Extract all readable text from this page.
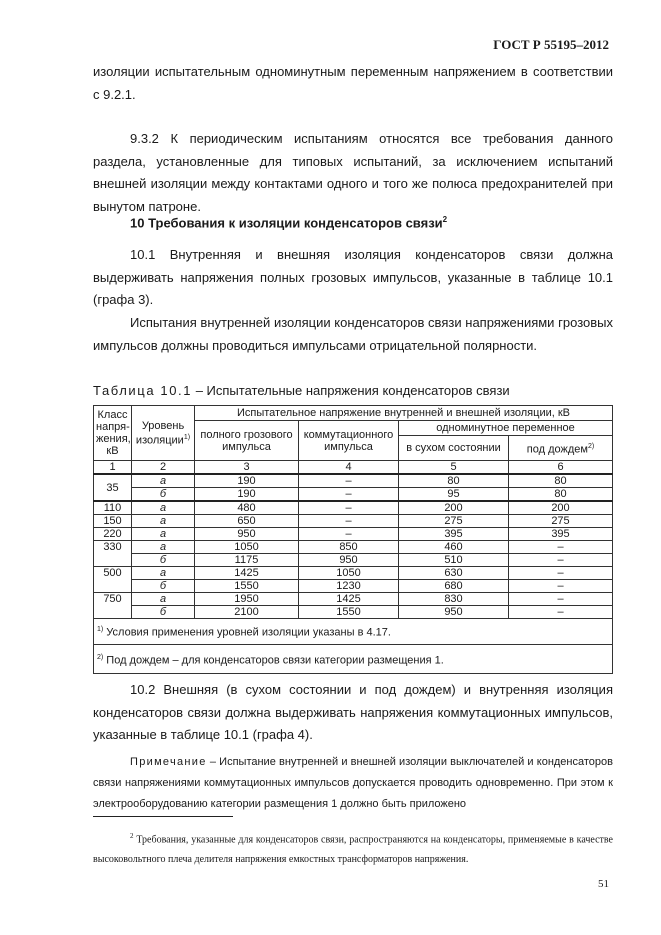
ГОСТ Р 55195–2012

изоляции испытательным одноминутным переменным напряжением в соответствии с 9.2.1.

9.3.2 К периодическим испытаниям относятся все требования данного раздела, установленные для типовых испытаний, за исключением испытаний внешней изоляции между контактами одного и того же полюса предохранителей при вынутом патроне.

10 Требования к изоляции конденсаторов связи$^2$

10.1 Внутренняя и внешняя изоляция конденсаторов связи должна выдерживать напряжения полных грозовых импульсов, указанные в таблице 10.1 (графа 3).

Испытания внутренней изоляции конденсаторов связи напряжениями грозовых импульсов должны проводиться импульсами отрицательной полярности.

Таблица 10.1 – Испытательные напряжения конденсаторов связи
Класс напря-жения, кВ	Уровень изоляции$^{1)}$	Испытательное напряжение внутренней и внешней изоляции, кВ			
		полного грозового импульса	коммутационного импульса	одноминутное переменное	
				в сухом состоянии	под дождем$^{2)}$
1	2	3	4	5	6
35	а	190	–	80	80
	б	190	–	95	80
110	а	480	–	200	200
150	а	650	–	275	275
220	а	950	–	395	395
330	а	1050	850	460	–
	б	1175	950	510	–
500	а	1425	1050	630	–
	б	1550	1230	680	–
750	а	1950	1425	830	–
	б	2100	1550	950	–
$^{1)}$ Условия применения уровней изоляции указаны в 4.17.					
$^{2)}$ Под дождем – для конденсаторов связи категории размещения 1.					

10.2 Внешняя (в сухом состоянии и под дождем) и внутренняя изоляция конденсаторов связи должна выдерживать напряжения коммутационных импульсов, указанные в таблице 10.1 (графа 4).

Примечание – Испытание внутренней и внешней изоляции выключателей и конденсаторов связи напряжениями коммутационных импульсов допускается проводить одновременно. При этом к электрооборудованию категории размещения 1 должно быть приложено

$^2$ Требования, указанные для конденсаторов связи, распространяются на конденсаторы, применяемые в качестве высоковольтного плеча делителя напряжения емкостных трансформаторов напряжения.

51
